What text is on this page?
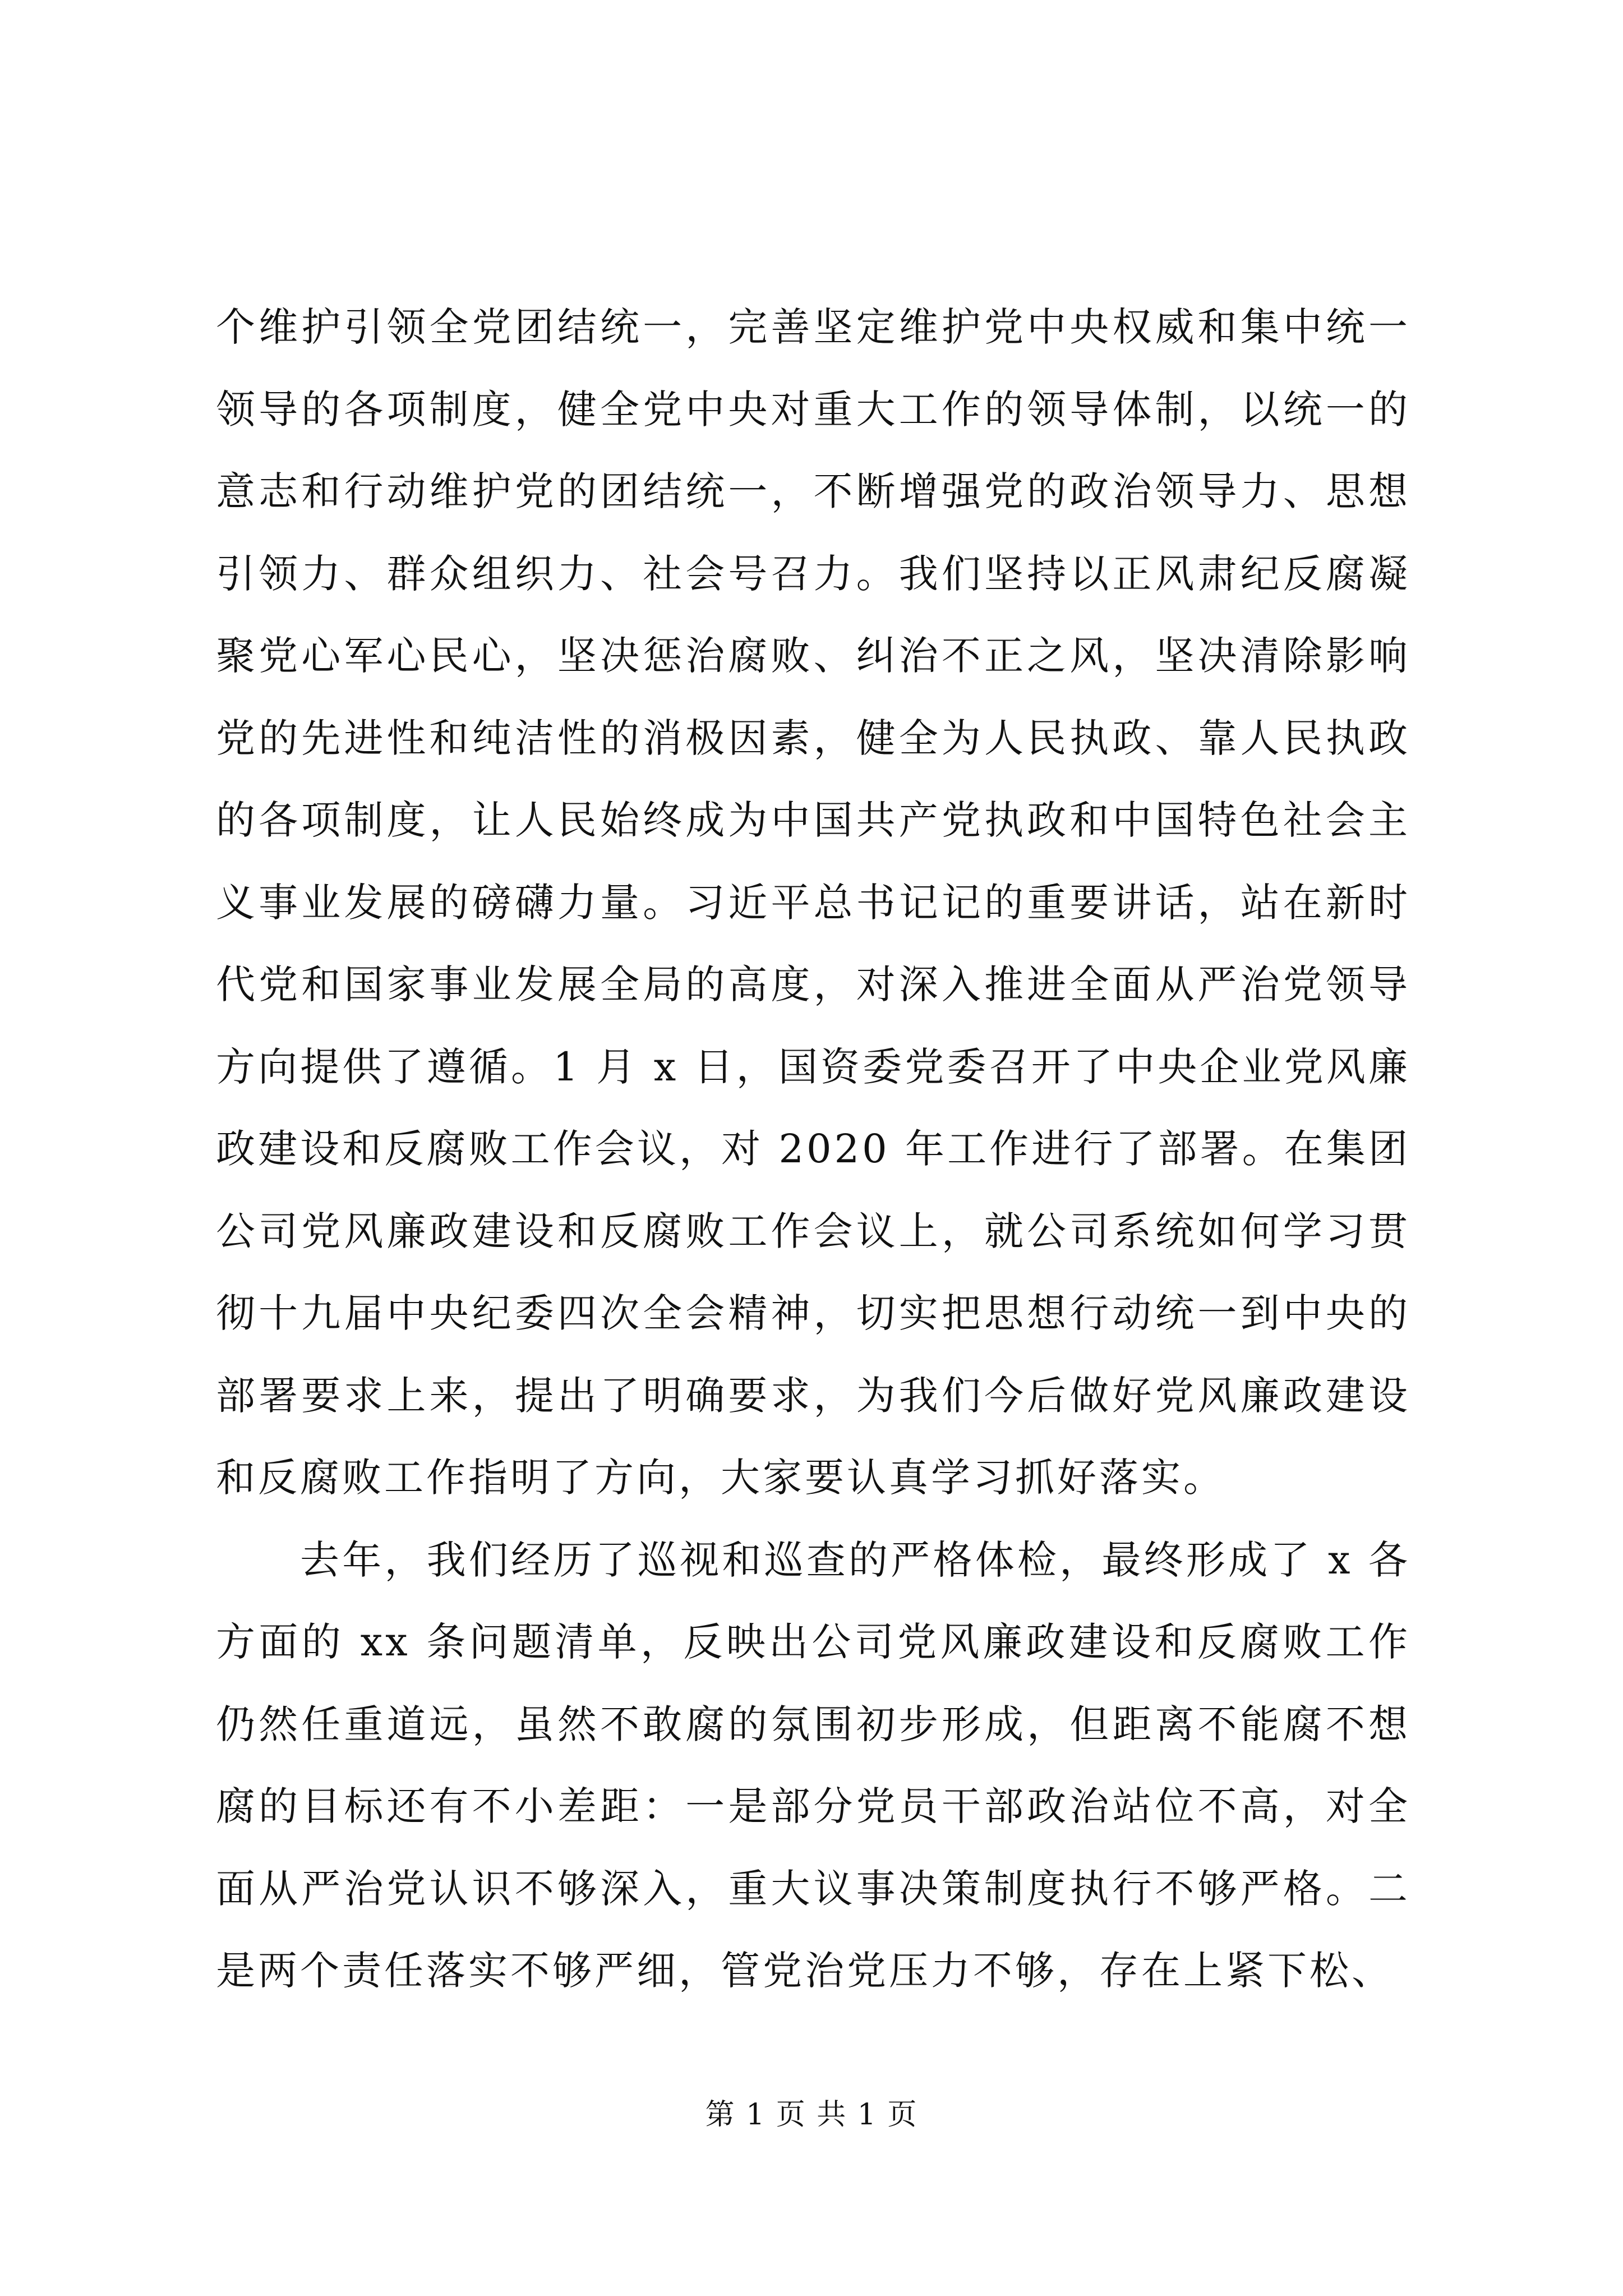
个维护引领全党团结统一，完善坚定维护党中央权威和集中统一领导的各项制度，健全党中央对重大工作的领导体制，以统一的意志和行动维护党的团结统一，不断增强党的政治领导力、思想引领力、群众组织力、社会号召力。我们坚持以正风肃纪反腐凝聚党心军心民心，坚决惩治腐败、纠治不正之风，坚决清除影响党的先进性和纯洁性的消极因素，健全为人民执政、靠人民执政的各项制度，让人民始终成为中国共产党执政和中国特色社会主义事业发展的磅礴力量。习近平总书记记的重要讲话，站在新时代党和国家事业发展全局的高度，对深入推进全面从严治党领导方向提供了遵循。1 月 x 日，国资委党委召开了中央企业党风廉政建设和反腐败工作会议，对 2020 年工作进行了部署。在集团公司党风廉政建设和反腐败工作会议上，就公司系统如何学习贯彻十九届中央纪委四次全会精神，切实把思想行动统一到中央的部署要求上来，提出了明确要求，为我们今后做好党风廉政建设和反腐败工作指明了方向，大家要认真学习抓好落实。

去年，我们经历了巡视和巡查的严格体检，最终形成了 x 各方面的 xx 条问题清单，反映出公司党风廉政建设和反腐败工作仍然任重道远，虽然不敢腐的氛围初步形成，但距离不能腐不想腐的目标还有不小差距：一是部分党员干部政治站位不高，对全面从严治党认识不够深入，重大议事决策制度执行不够严格。二是两个责任落实不够严细，管党治党压力不够，存在上紧下松、

第 1 页 共 1 页
